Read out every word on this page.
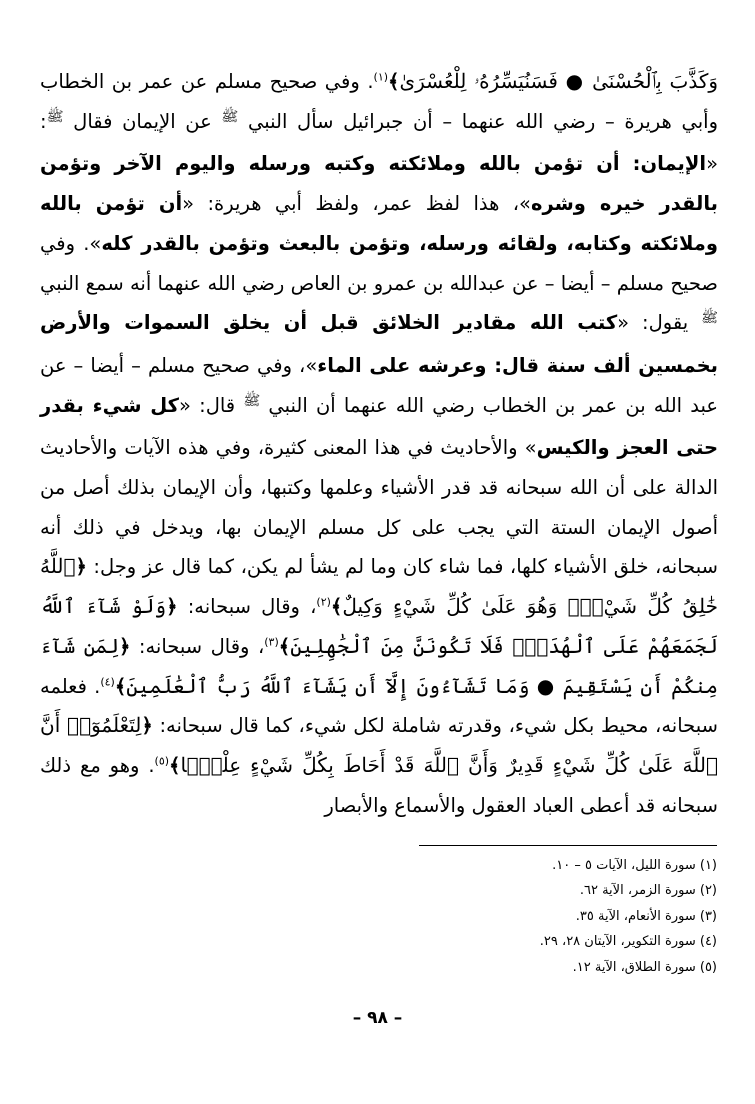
وَكَذَّبَ بِٱلْحُسْنَىٰ ● فَسَنُيَسِّرُهُۥ لِلْعُسْرَىٰ﴾$^{(١)}$. وفي صحيح مسلم عن عمر بن الخطاب وأبي هريرة – رضي الله عنهما – أن جبرائيل سأل النبي ﷺ عن الإيمان فقال ﷺ: «الإيمان: أن تؤمن بالله وملائكته وكتبه ورسله واليوم الآخر وتؤمن بالقدر خيره وشره»، هذا لفظ عمر، ولفظ أبي هريرة: «أن تؤمن بالله وملائكته وكتابه، ولقائه ورسله، وتؤمن بالبعث وتؤمن بالقدر كله». وفي صحيح مسلم – أيضا – عن عبدالله بن عمرو بن العاص رضي الله عنهما أنه سمع النبي ﷺ يقول: «كتب الله مقادير الخلائق قبل أن يخلق السموات والأرض بخمسين ألف سنة قال: وعرشه على الماء»، وفي صحيح مسلم – أيضا – عن عبد الله بن عمر بن الخطاب رضي الله عنهما أن النبي ﷺ قال: «كل شيء بقدر حتى العجز والكيس» والأحاديث في هذا المعنى كثيرة، وفي هذه الآيات والأحاديث الدالة على أن الله سبحانه قد قدر الأشياء وعلمها وكتبها، وأن الإيمان بذلك أصل من أصول الإيمان الستة التي يجب على كل مسلم الإيمان بها، ويدخل في ذلك أنه سبحانه، خلق الأشياء كلها، فما شاء كان وما لم يشأ لم يكن، كما قال عز وجل: ﴿ٱللَّهُ خَٰلِقُ كُلِّ شَيْءٍۖ وَهُوَ عَلَىٰ كُلِّ شَيْءٍ وَكِيلٌ﴾$^{(٢)}$، وقال سبحانه: ﴿وَلَوْ شَآءَ ٱللَّهُ لَجَمَعَهُمْ عَلَى ٱلْهُدَىٰۚ فَلَا تَكُونَنَّ مِنَ ٱلْجَٰهِلِينَ﴾$^{(٣)}$، وقال سبحانه: ﴿لِمَن شَآءَ مِنكُمْ أَن يَسْتَقِيمَ ● وَمَا تَشَآءُونَ إِلَّآ أَن يَشَآءَ ٱللَّهُ رَبُّ ٱلْعَٰلَمِينَ﴾$^{(٤)}$. فعلمه سبحانه، محيط بكل شيء، وقدرته شاملة لكل شيء، كما قال سبحانه: ﴿لِتَعْلَمُوٓا۟ أَنَّ ٱللَّهَ عَلَىٰ كُلِّ شَيْءٍ قَدِيرٌ وَأَنَّ ٱللَّهَ قَدْ أَحَاطَ بِكُلِّ شَيْءٍ عِلْمًۢا﴾$^{(٥)}$. وهو مع ذلك سبحانه قد أعطى العباد العقول والأسماع والأبصار

(١) سورة الليل، الآيات ٥ – ١٠.
(٢) سورة الزمر، الآية ٦٢.
(٣) سورة الأنعام، الآية ٣٥.
(٤) سورة التكوير، الآيتان ٢٨، ٢٩.
(٥) سورة الطلاق، الآية ١٢.
– ٩٨ –
